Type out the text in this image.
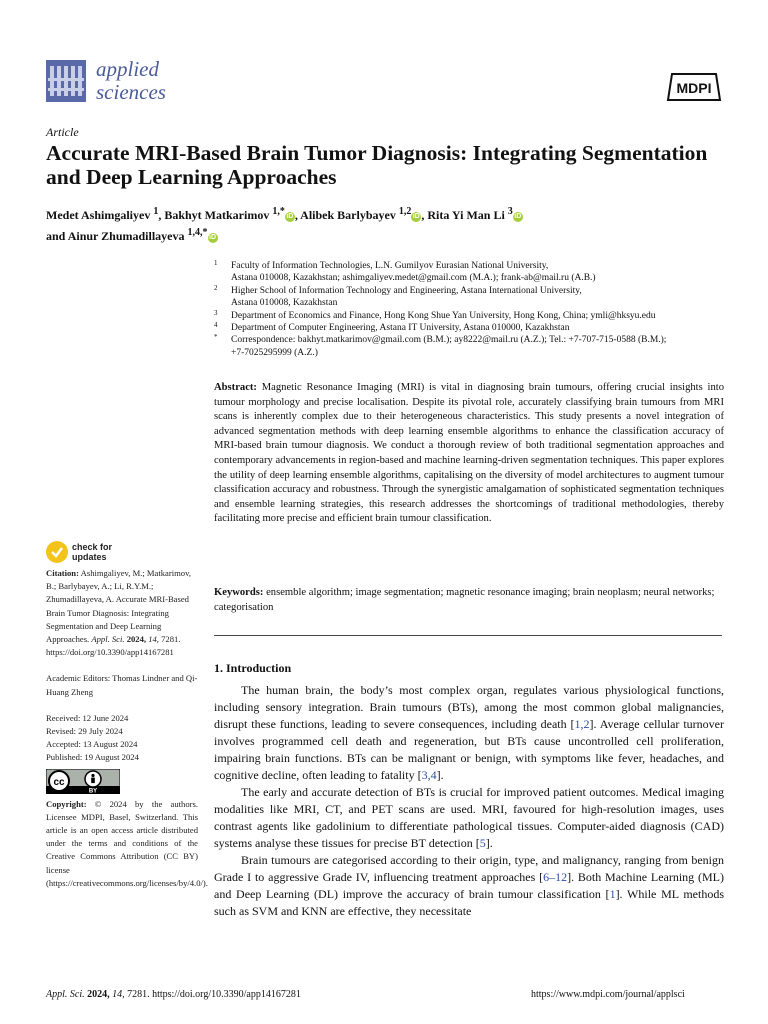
applied
sciences	MDPI
Article
Accurate MRI-Based Brain Tumor Diagnosis: Integrating Segmentation and Deep Learning Approaches
Medet Ashimgaliyev $^1$, Bakhyt Matkarimov $^{1,*}$ iD , Alibek Barlybayev $^{1,2}$ iD , Rita Yi Man Li $^3$ iD
and Ainur Zhumadillayeva $^{1,4,*}$ iD
1 Faculty of Information Technologies, L.N. Gumilyov Eurasian National University,
Astana 010008, Kazakhstan; ashimgaliyev.medet@gmail.com (M.A.); frank-ab@mail.ru (A.B.)
2 Higher School of Information Technology and Engineering, Astana International University,
Astana 010008, Kazakhstan
3 Department of Economics and Finance, Hong Kong Shue Yan University, Hong Kong, China; ymli@hksyu.edu
4 Department of Computer Engineering, Astana IT University, Astana 010000, Kazakhstan
* Correspondence: bakhyt.matkarimov@gmail.com (B.M.); ay8222@mail.ru (A.Z.); Tel.: +7-707-715-0588 (B.M.);
+7-7025295999 (A.Z.)
Abstract: Magnetic Resonance Imaging (MRI) is vital in diagnosing brain tumours, offering crucial insights into tumour morphology and precise localisation. Despite its pivotal role, accurately classifying brain tumours from MRI scans is inherently complex due to their heterogeneous characteristics. This study presents a novel integration of advanced segmentation methods with deep learning ensemble algorithms to enhance the classification accuracy of MRI-based brain tumour diagnosis. We conduct a thorough review of both traditional segmentation approaches and contemporary advancements in region-based and machine learning-driven segmentation techniques. This paper explores the utility of deep learning ensemble algorithms, capitalising on the diversity of model architectures to augment tumour classification accuracy and robustness. Through the synergistic amalgamation of sophisticated segmentation techniques and ensemble learning strategies, this research addresses the shortcomings of traditional methodologies, thereby facilitating more precise and efficient brain tumour classification.
Keywords: ensemble algorithm; image segmentation; magnetic resonance imaging; brain neoplasm; neural networks; categorisation
check for
updates

Citation: Ashimgaliyev, M.; Matkarimov, B.; Barlybayev, A.; Li, R.Y.M.; Zhumadillayeva, A. Accurate MRI-Based Brain Tumor Diagnosis: Integrating Segmentation and Deep Learning Approaches. Appl. Sci. 2024, 14, 7281. https://doi.org/10.3390/app14167281

Academic Editors: Thomas Lindner and Qi-Huang Zheng

Received: 12 June 2024

Revised: 29 July 2024

Accepted: 13 August 2024

Published: 19 August 2024

cc
BY

Copyright: © 2024 by the authors. Licensee MDPI, Basel, Switzerland. This article is an open access article distributed under the terms and conditions of the Creative Commons Attribution (CC BY) license (https://creativecommons.org/licenses/by/4.0/).

1. Introduction

The human brain, the body’s most complex organ, regulates various physiological functions, including sensory integration. Brain tumours (BTs), among the most common global malignancies, disrupt these functions, leading to severe consequences, including death [1,2]. Average cellular turnover involves programmed cell death and regeneration, but BTs cause uncontrolled cell proliferation, impairing brain functions. BTs can be malignant or benign, with symptoms like fever, headaches, and cognitive decline, often leading to fatality [3,4].

The early and accurate detection of BTs is crucial for improved patient outcomes. Medical imaging modalities like MRI, CT, and PET scans are used. MRI, favoured for high-resolution images, uses contrast agents like gadolinium to differentiate pathological tissues. Computer-aided diagnosis (CAD) systems analyse these tissues for precise BT detection [5].

Brain tumours are categorised according to their origin, type, and malignancy, ranging from benign Grade I to aggressive Grade IV, influencing treatment approaches [6–12]. Both Machine Learning (ML) and Deep Learning (DL) improve the accuracy of brain tumour classification [1]. While ML methods such as SVM and KNN are effective, they necessitate

Appl. Sci. 2024, 14, 7281. https://doi.org/10.3390/app14167281	https://www.mdpi.com/journal/applsci
